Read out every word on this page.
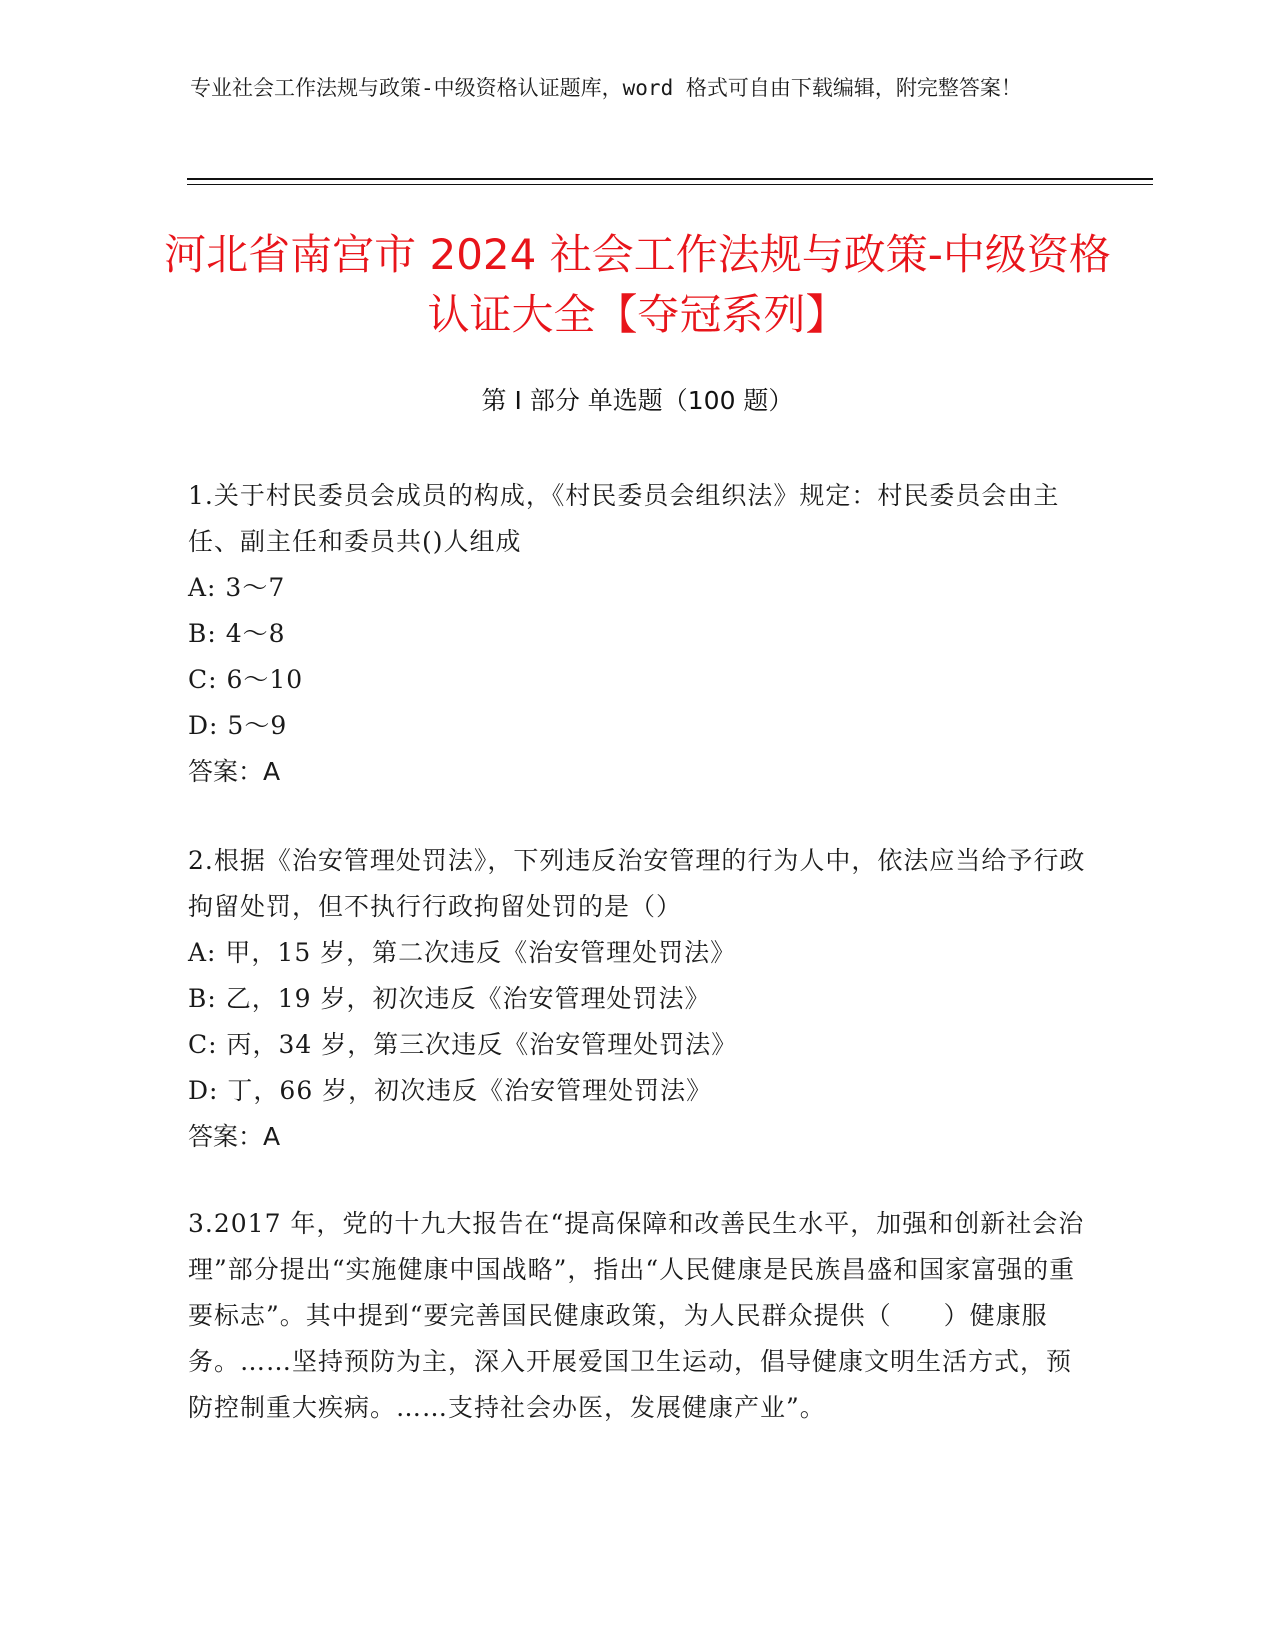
专业社会工作法规与政策-中级资格认证题库，word 格式可自由下载编辑，附完整答案！
河北省南宫市 2024 社会工作法规与政策-中级资格认证大全【夺冠系列】
第 I 部分 单选题（100 题）
1.关于村民委员会成员的构成，《村民委员会组织法》规定：村民委员会由主任、副主任和委员共()人组成
A: 3～7
B: 4～8
C: 6～10
D: 5～9
答案：A
2.根据《治安管理处罚法》，下列违反治安管理的行为人中，依法应当给予行政拘留处罚，但不执行行政拘留处罚的是（）
A: 甲，15 岁，第二次违反《治安管理处罚法》
B: 乙，19 岁，初次违反《治安管理处罚法》
C: 丙，34 岁，第三次违反《治安管理处罚法》
D: 丁，66 岁，初次违反《治安管理处罚法》
答案：A
3.2017 年，党的十九大报告在“提高保障和改善民生水平，加强和创新社会治理”部分提出“实施健康中国战略”，指出“人民健康是民族昌盛和国家富强的重要标志”。其中提到“要完善国民健康政策，为人民群众提供（　　）健康服务。……坚持预防为主，深入开展爱国卫生运动，倡导健康文明生活方式，预防控制重大疾病。……支持社会办医，发展健康产业”。
